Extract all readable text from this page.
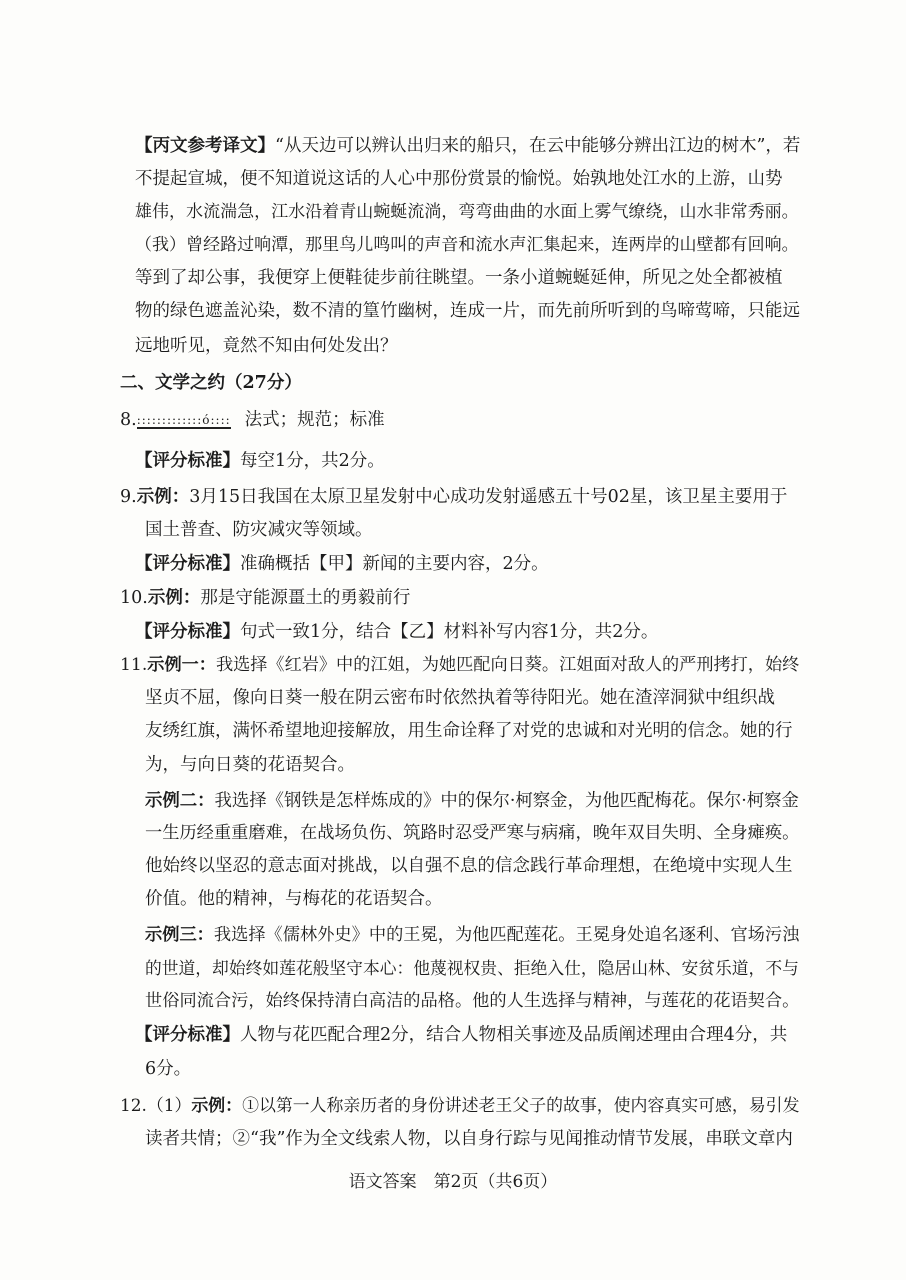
【丙文参考译文】“从天边可以辨认出归来的船只，在云中能够分辨出江边的树木”，若
不提起宣城，便不知道说这话的人心中那份赏景的愉悦。始孰地处江水的上游，山势
雄伟，水流湍急，江水沿着青山蜿蜒流淌，弯弯曲曲的水面上雾气缭绕，山水非常秀丽。
（我）曾经路过响潭，那里鸟儿鸣叫的声音和流水声汇集起来，连两岸的山壁都有回响。
等到了却公事，我便穿上便鞋徒步前往眺望。一条小道蜿蜒延伸，所见之处全都被植
物的绿色遮盖沁染，数不清的篁竹幽树，连成一片，而先前所听到的鸟啼莺啼，只能远
远地听见，竟然不知由何处发出？
二、文学之约（27分）
8.:::::::::::::ó:::: 法式；规范；标准
【评分标准】每空1分，共2分。
9.示例：3月15日我国在太原卫星发射中心成功发射遥感五十号02星，该卫星主要用于
国土普查、防灾减灾等领域。
【评分标准】准确概括【甲】新闻的主要内容，2分。
10.示例：那是守能源畺土的勇毅前行
【评分标准】句式一致1分，结合【乙】材料补写内容1分，共2分。
11.示例一：我选择《红岩》中的江姐，为她匹配向日葵。江姐面对敌人的严刑拷打，始终
坚贞不屈，像向日葵一般在阴云密布时依然执着等待阳光。她在渣滓洞狱中组织战
友绣红旗，满怀希望地迎接解放，用生命诠释了对党的忠诚和对光明的信念。她的行
为，与向日葵的花语契合。
示例二：我选择《钢铁是怎样炼成的》中的保尔·柯察金，为他匹配梅花。保尔·柯察金
一生历经重重磨难，在战场负伤、筑路时忍受严寒与病痛，晚年双目失明、全身瘫痪。
他始终以坚忍的意志面对挑战，以自强不息的信念践行革命理想，在绝境中实现人生
价值。他的精神，与梅花的花语契合。
示例三：我选择《儒林外史》中的王冕，为他匹配莲花。王冕身处追名逐利、官场污浊
的世道，却始终如莲花般坚守本心：他蔑视权贵、拒绝入仕，隐居山林、安贫乐道，不与
世俗同流合污，始终保持清白高洁的品格。他的人生选择与精神，与莲花的花语契合。
【评分标准】人物与花匹配合理2分，结合人物相关事迹及品质阐述理由合理4分，共
6分。
12.（1）示例：①以第一人称亲历者的身份讲述老王父子的故事，使内容真实可感，易引发
读者共情；②“我”作为全文线索人物，以自身行踪与见闻推动情节发展，串联文章内
语文答案　第2页（共6页）
